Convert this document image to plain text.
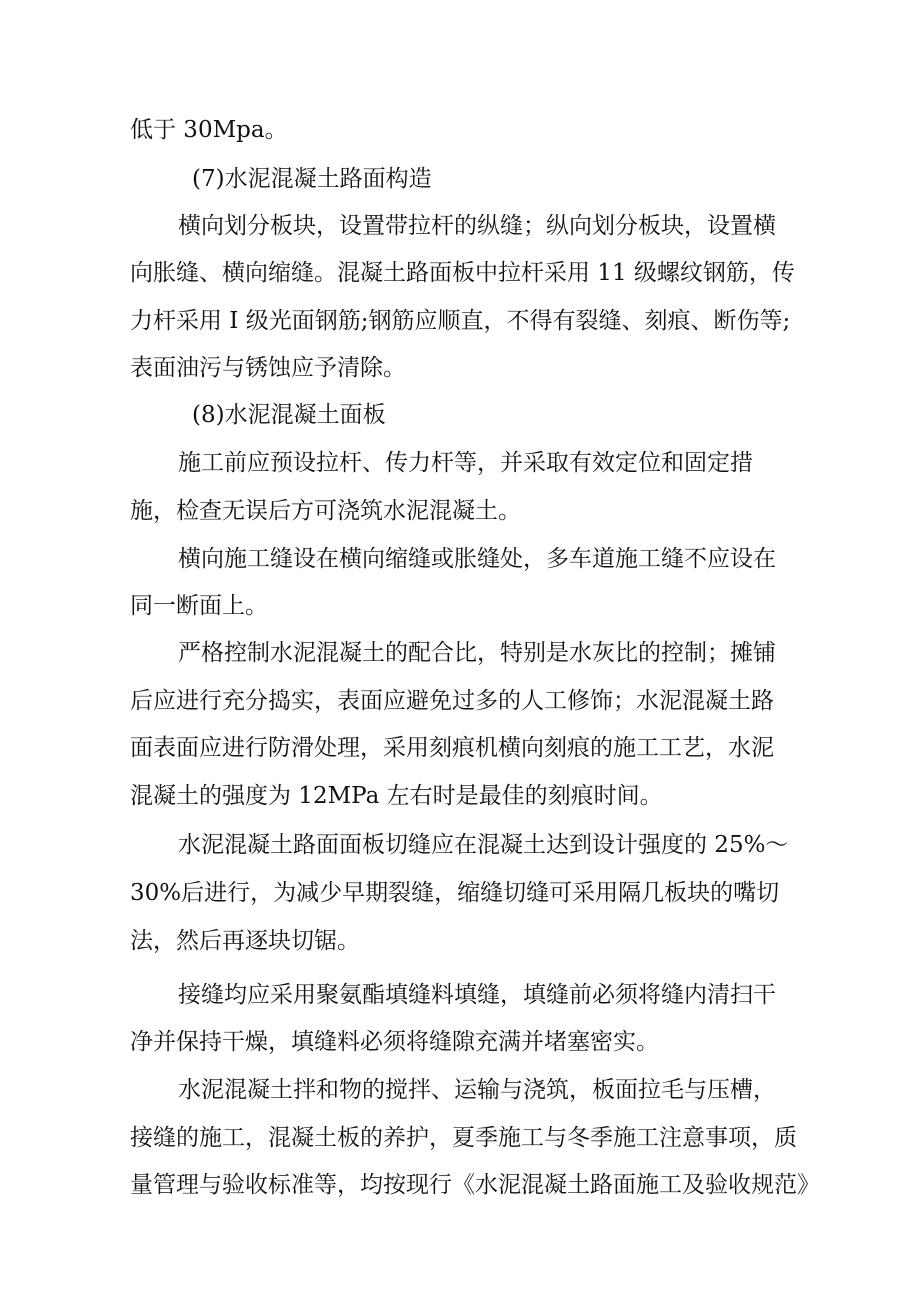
低于 30Mpa。
(7)水泥混凝土路面构造
横向划分板块，设置带拉杆的纵缝；纵向划分板块，设置横
向胀缝、横向缩缝。混凝土路面板中拉杆采用 11 级螺纹钢筋，传
力杆采用 I 级光面钢筋;钢筋应顺直，不得有裂缝、刻痕、断伤等;
表面油污与锈蚀应予清除。
(8)水泥混凝土面板
施工前应预设拉杆、传力杆等，并采取有效定位和固定措
施，检查无误后方可浇筑水泥混凝土。
横向施工缝设在横向缩缝或胀缝处，多车道施工缝不应设在
同一断面上。
严格控制水泥混凝土的配合比，特别是水灰比的控制；摊铺
后应进行充分捣实，表面应避免过多的人工修饰；水泥混凝土路
面表面应进行防滑处理，采用刻痕机横向刻痕的施工工艺，水泥
混凝土的强度为 12MPa 左右时是最佳的刻痕时间。
水泥混凝土路面面板切缝应在混凝土达到设计强度的 25%～
30%后进行，为减少早期裂缝，缩缝切缝可采用隔几板块的嘴切
法，然后再逐块切锯。
接缝均应采用聚氨酯填缝料填缝，填缝前必须将缝内清扫干
净并保持干燥，填缝料必须将缝隙充满并堵塞密实。
水泥混凝土拌和物的搅拌、运输与浇筑，板面拉毛与压槽，
接缝的施工，混凝土板的养护，夏季施工与冬季施工注意事项，质
量管理与验收标准等，均按现行《水泥混凝土路面施工及验收规范》
